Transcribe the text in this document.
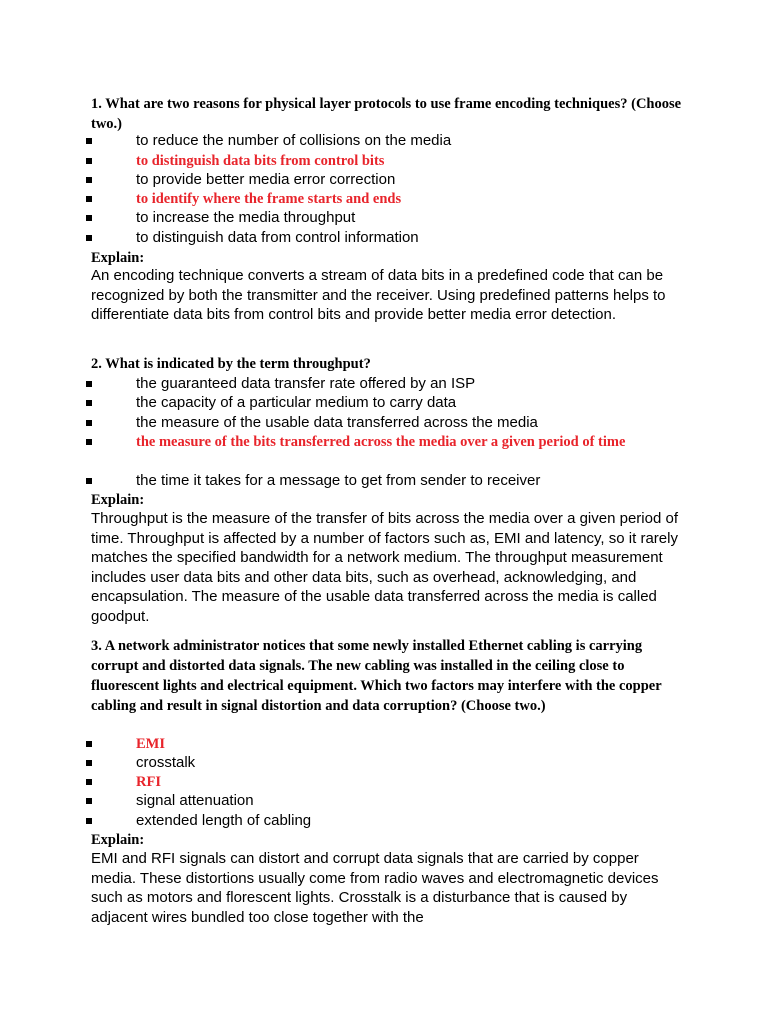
1. What are two reasons for physical layer protocols to use frame encoding techniques? (Choose two.)

to reduce the number of collisions on the media
to distinguish data bits from control bits
to provide better media error correction
to identify where the frame starts and ends
to increase the media throughput
to distinguish data from control information
Explain:

An encoding technique converts a stream of data bits in a predefined code that can be recognized by both the transmitter and the receiver. Using predefined patterns helps to differentiate data bits from control bits and provide better media error detection.

2. What is indicated by the term throughput?

the guaranteed data transfer rate offered by an ISP
the capacity of a particular medium to carry data
the measure of the usable data transferred across the media

the measure of the bits transferred across the media over a given period of time

the time it takes for a message to get from sender to receiver
Explain:

Throughput is the measure of the transfer of bits across the media over a given period of time. Throughput is affected by a number of factors such as, EMI and latency, so it rarely matches the specified bandwidth for a network medium. The throughput measurement includes user data bits and other data bits, such as overhead, acknowledging, and encapsulation. The measure of the usable data transferred across the media is called goodput.

3. A network administrator notices that some newly installed Ethernet cabling is carrying corrupt and distorted data signals. The new cabling was installed in the ceiling close to fluorescent lights and electrical equipment. Which two factors may interfere with the copper cabling and result in signal distortion and data corruption? (Choose two.)

EMI
crosstalk
RFI
signal attenuation
extended length of cabling
Explain:

EMI and RFI signals can distort and corrupt data signals that are carried by copper media. These distortions usually come from radio waves and electromagnetic devices such as motors and florescent lights. Crosstalk is a disturbance that is caused by adjacent wires bundled too close together with the
